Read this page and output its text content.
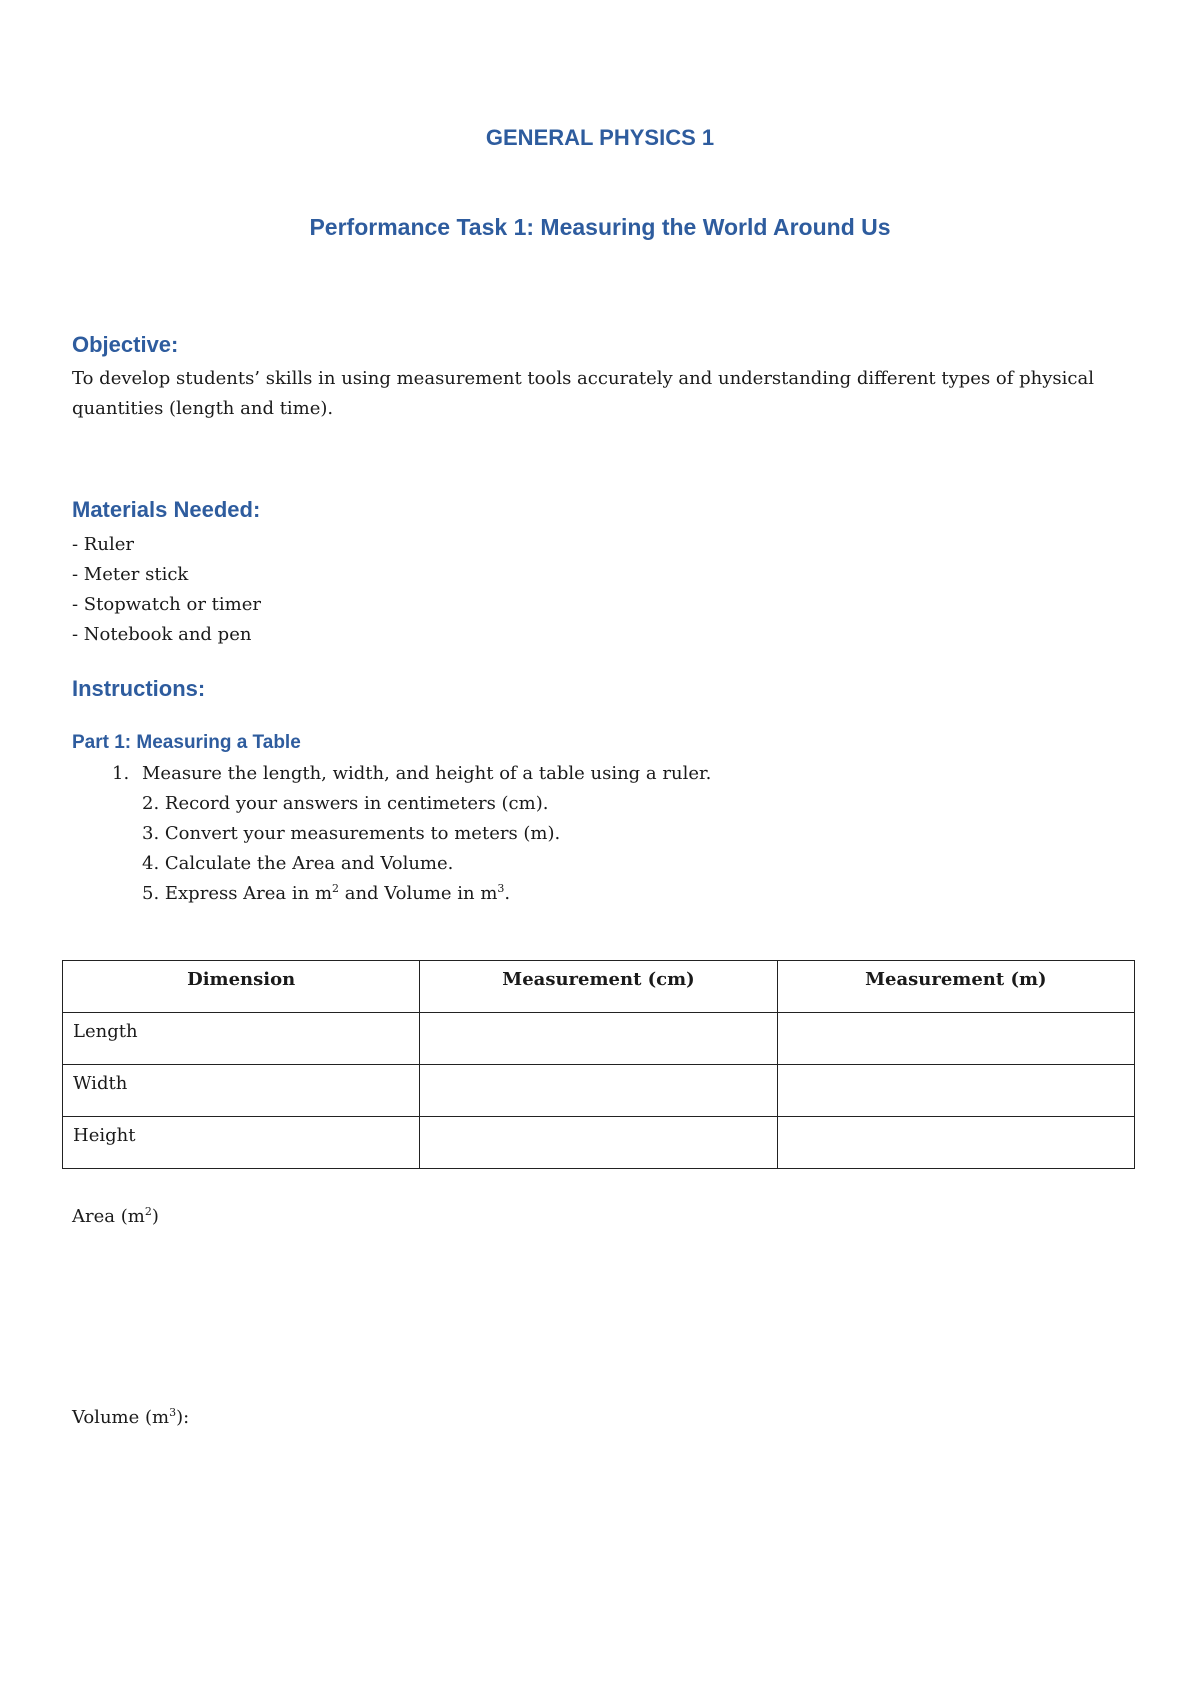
GENERAL PHYSICS 1
Performance Task 1: Measuring the World Around Us
Objective:
To develop students’ skills in using measurement tools accurately and understanding different types of physical quantities (length and time).
Materials Needed:
- Ruler
- Meter stick
- Stopwatch or timer
- Notebook and pen
Instructions:
Part 1: Measuring a Table
1. Measure the length, width, and height of a table using a ruler.
2. Record your answers in centimeters (cm).
3. Convert your measurements to meters (m).
4. Calculate the Area and Volume.
5. Express Area in $m^2$ and Volume in $m^3$.
Dimension	Measurement (cm)	Measurement (m)
Length		
Width		
Height		
Area $(m^2)$
Volume $(m^3)$:
